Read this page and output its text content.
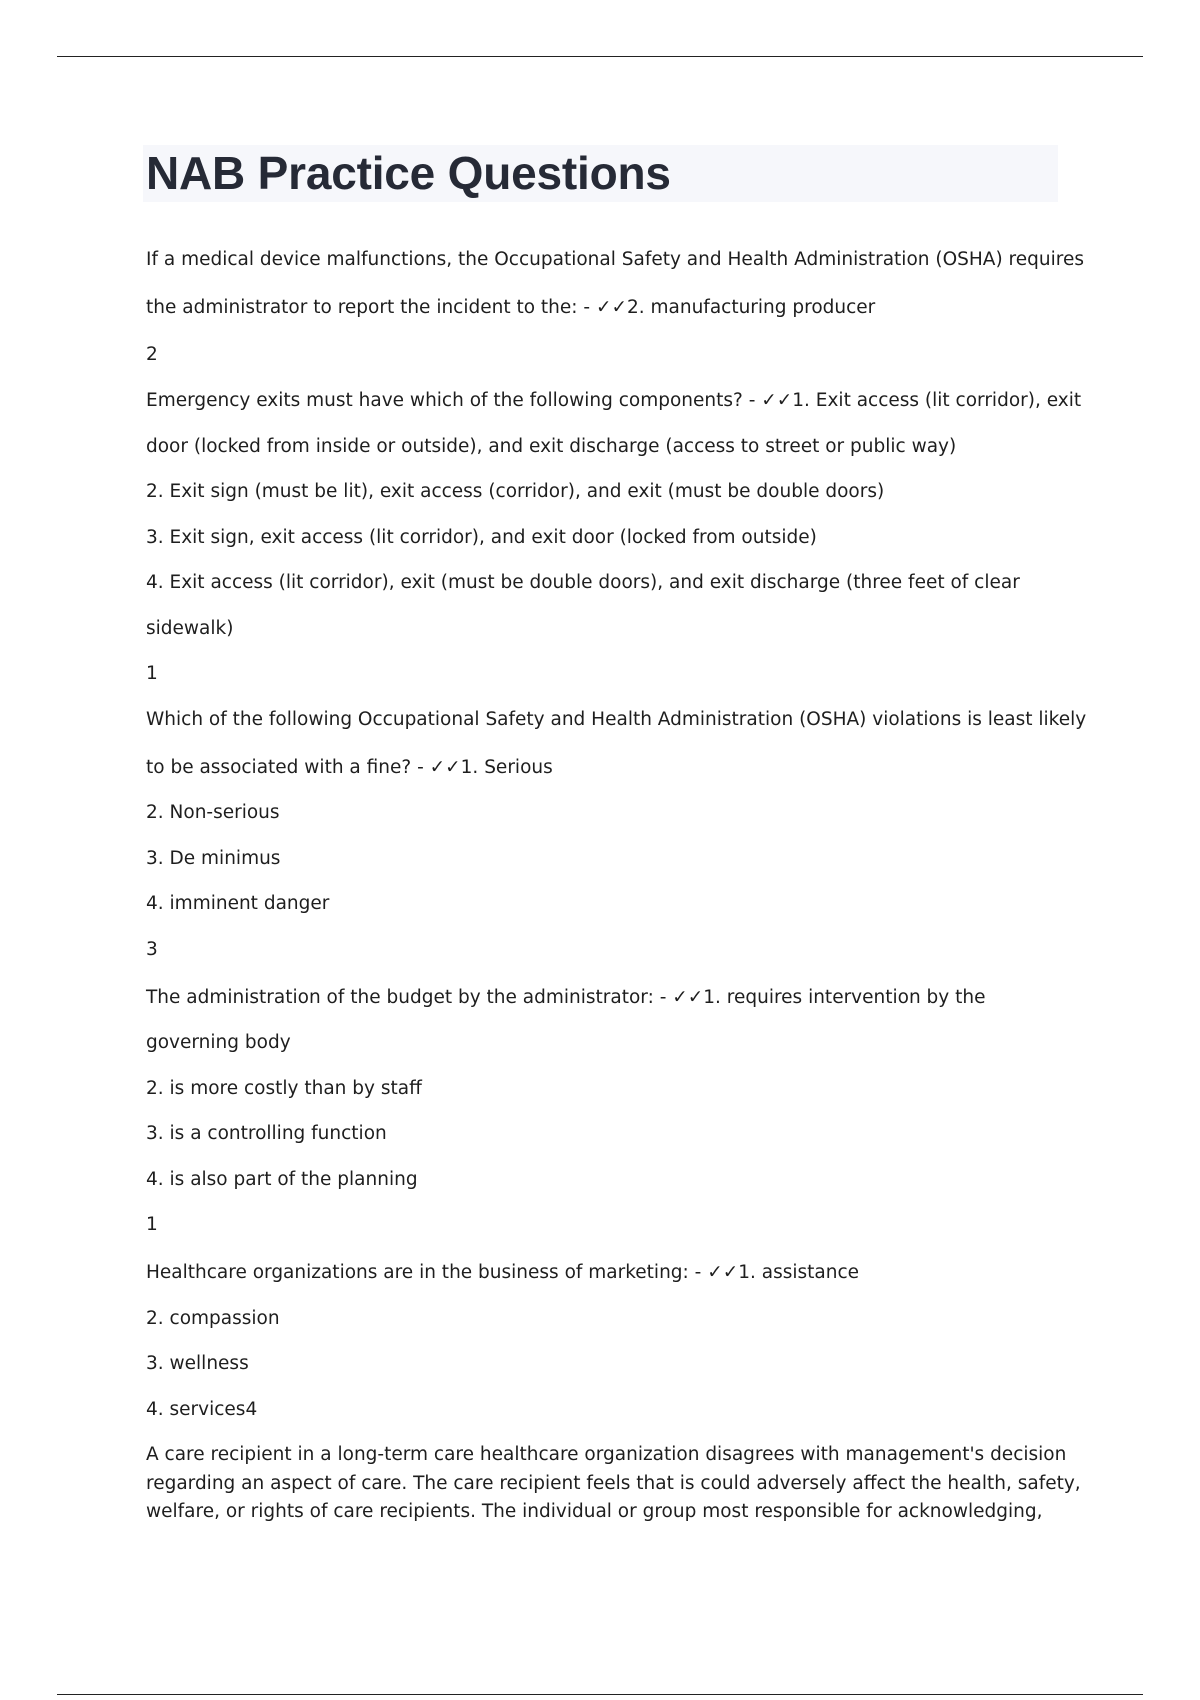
NAB Practice Questions
If a medical device malfunctions, the Occupational Safety and Health Administration (OSHA) requires
the administrator to report the incident to the: - ✓✓2. manufacturing producer
2
Emergency exits must have which of the following components? - ✓✓1. Exit access (lit corridor), exit
door (locked from inside or outside), and exit discharge (access to street or public way)
2. Exit sign (must be lit), exit access (corridor), and exit (must be double doors)
3. Exit sign, exit access (lit corridor), and exit door (locked from outside)
4. Exit access (lit corridor), exit (must be double doors), and exit discharge (three feet of clear
sidewalk)
1
Which of the following Occupational Safety and Health Administration (OSHA) violations is least likely
to be associated with a fine? - ✓✓1. Serious
2. Non-serious
3. De minimus
4. imminent danger
3
The administration of the budget by the administrator: - ✓✓1. requires intervention by the
governing body
2. is more costly than by staff
3. is a controlling function
4. is also part of the planning
1
Healthcare organizations are in the business of marketing: - ✓✓1. assistance
2. compassion
3. wellness
4. services4
A care recipient in a long-term care healthcare organization disagrees with management's decision
regarding an aspect of care. The care recipient feels that is could adversely affect the health, safety,
welfare, or rights of care recipients. The individual or group most responsible for acknowledging,
